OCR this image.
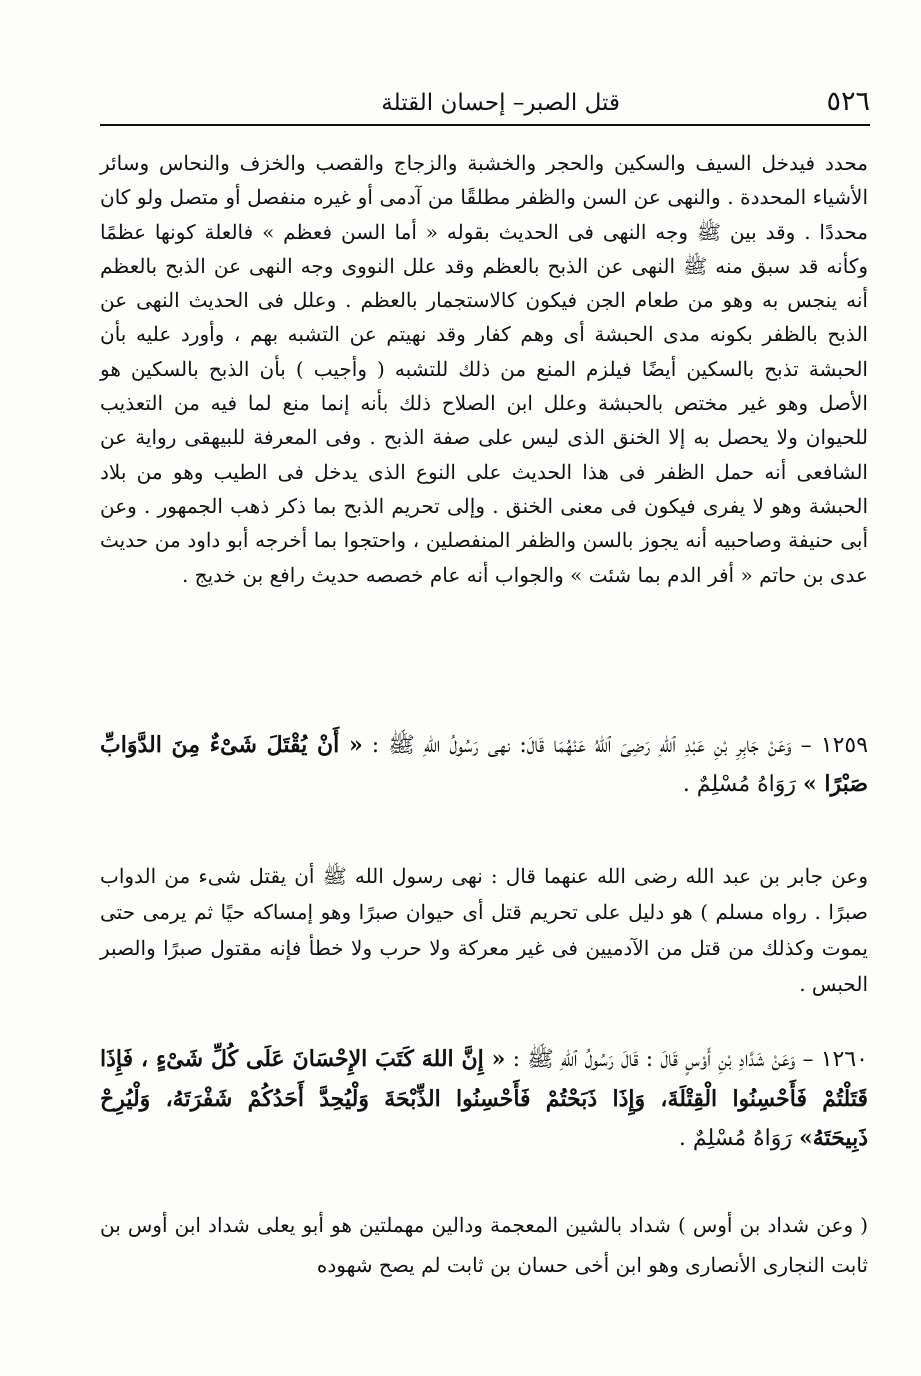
٥٢٦
قتل الصبر– إحسان القتلة
محدد فيدخل السيف والسكين والحجر والخشبة والزجاج والقصب والخزف والنحاس وسائر الأشياء المحددة . والنهى عن السن والظفر مطلقًا من آدمى أو غيره منفصل أو متصل ولو كان محددًا . وقد بين ﷺ وجه النهى فى الحديث بقوله « أما السن فعظم » فالعلة كونها عظمًا وكأنه قد سبق منه ﷺ النهى عن الذبح بالعظم وقد علل النووى وجه النهى عن الذبح بالعظم أنه ينجس به وهو من طعام الجن فيكون كالاستجمار بالعظم . وعلل فى الحديث النهى عن الذبح بالظفر بكونه مدى الحبشة أى وهم كفار وقد نهيتم عن التشبه بهم ، وأورد عليه بأن الحبشة تذبح بالسكين أيضًا فيلزم المنع من ذلك للتشبه ( وأجيب ) بأن الذبح بالسكين هو الأصل وهو غير مختص بالحبشة وعلل ابن الصلاح ذلك بأنه إنما منع لما فيه من التعذيب للحيوان ولا يحصل به إلا الخنق الذى ليس على صفة الذبح . وفى المعرفة للبيهقى رواية عن الشافعى أنه حمل الظفر فى هذا الحديث على النوع الذى يدخل فى الطيب وهو من بلاد الحبشة وهو لا يفرى فيكون فى معنى الخنق . وإلى تحريم الذبح بما ذكر ذهب الجمهور . وعن أبى حنيفة وصاحبيه أنه يجوز بالسن والظفر المنفصلين ، واحتجوا بما أخرجه أبو داود من حديث عدى بن حاتم « أفر الدم بما شئت » والجواب أنه عام خصصه حديث رافع بن خديج .
١٢٥٩ – وَعَنْ جَابِرِ بْنِ عَبْدِ ٱللهِ رَضِىَ ٱللهُ عَنْهُمَا قَالَ: نهى رَسُولُ اللهِ ﷺ : « أَنْ يُقْتَلَ شَىْءٌ مِنَ الدَّوَابِّ صَبْرًا » رَوَاهُ مُسْلِمٌ .
وعن جابر بن عبد الله رضى الله عنهما قال : نهى رسول الله ﷺ أن يقتل شىء من الدواب صبرًا . رواه مسلم ) هو دليل على تحريم قتل أى حيوان صبرًا وهو إمساكه حيًا ثم يرمى حتى يموت وكذلك من قتل من الآدميين فى غير معركة ولا حرب ولا خطأ فإنه مقتول صبرًا والصبر الحبس .
١٢٦٠ – وَعَنْ شَدَّادِ بْنِ أَوْسٍ قَالَ : قَالَ رَسُولُ ٱللهِ ﷺ : « إِنَّ اللهَ كَتَبَ الإِحْسَانَ عَلَى كُلِّ شَىْءٍ ، فَإِذَا قَتَلْتُمْ فَأَحْسِنُوا الْقِتْلَةَ، وَإِذَا ذَبَحْتُمْ فَأَحْسِنُوا الذِّبْحَةَ وَلْيُحِدَّ أَحَدُكُمْ شَفْرَتَهُ، وَلْيُرِحْ ذَبِيحَتَهُ» رَوَاهُ مُسْلِمٌ .
( وعن شداد بن أوس ) شداد بالشين المعجمة ودالين مهملتين هو أبو يعلى شداد ابن أوس بن ثابت النجارى الأنصارى وهو ابن أخى حسان بن ثابت لم يصح شهوده
